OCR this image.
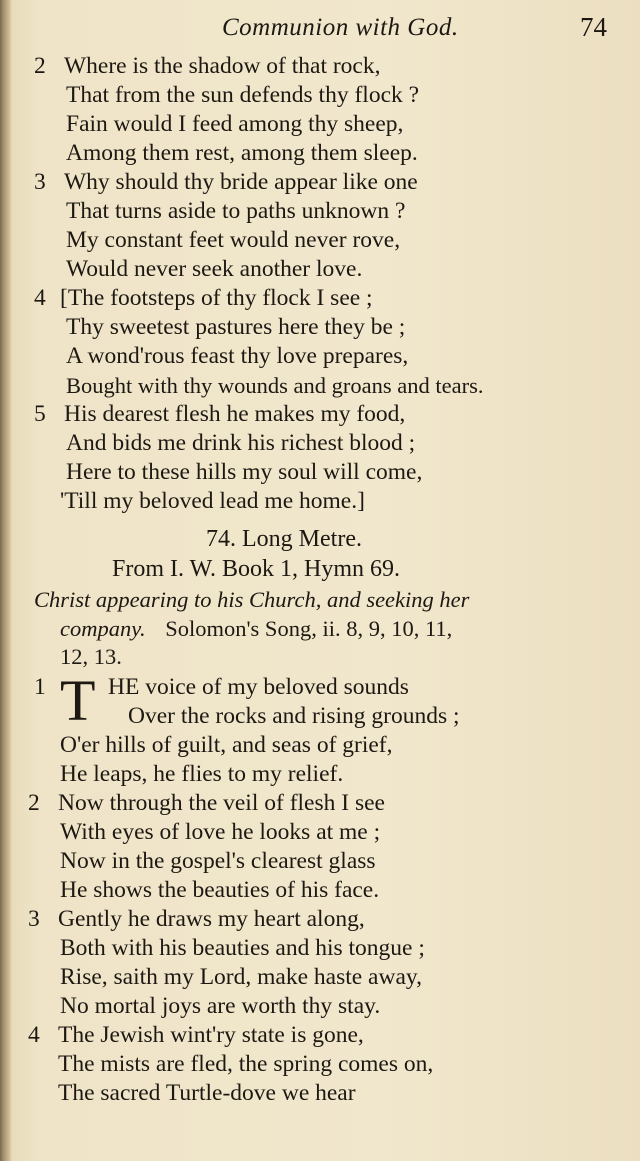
Communion with God.	74
2 Where is the shadow of that rock,
That from the sun defends thy flock ?
Fain would I feed among thy sheep,
Among them rest, among them sleep.
3 Why should thy bride appear like one
That turns aside to paths unknown ?
My constant feet would never rove,
Would never seek another love.
4 [The footsteps of thy flock I see ;
Thy sweetest pastures here they be ;
A wond'rous feast thy love prepares,
Bought with thy wounds and groans and tears.
5 His dearest flesh he makes my food,
And bids me drink his richest blood ;
Here to these hills my soul will come,
'Till my beloved lead me home.]
74. Long Metre.
From I. W. Book 1, Hymn 69.
Christ appearing to his Church, and seeking her
company. Solomon's Song, ii. 8, 9, 10, 11,
12, 13.
1 T HE voice of my beloved sounds
Over the rocks and rising grounds ;
O'er hills of guilt, and seas of grief,
He leaps, he flies to my relief.
2 Now through the veil of flesh I see
With eyes of love he looks at me ;
Now in the gospel's clearest glass
He shows the beauties of his face.
3 Gently he draws my heart along,
Both with his beauties and his tongue ;
Rise, saith my Lord, make haste away,
No mortal joys are worth thy stay.
4 The Jewish wint'ry state is gone,
The mists are fled, the spring comes on,
The sacred Turtle-dove we hear
